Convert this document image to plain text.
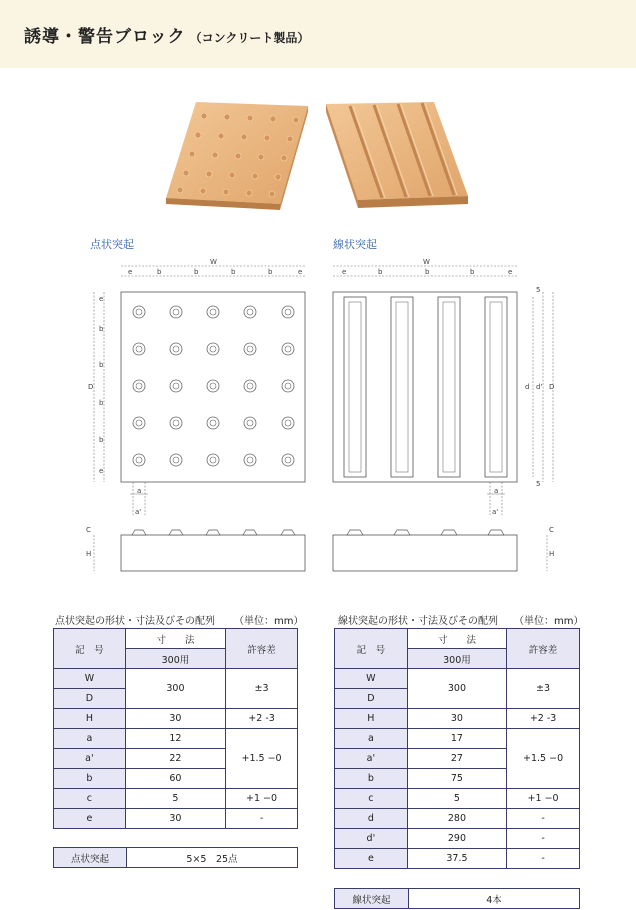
誘導・警告ブロック （コンクリート製品）
点状突起	線状突起
W
e	b	b	b	b	e
D
e
b
b
b
b
e
a
a'
H
C
W
e	b	b	b	e
d d' D
5
5
a
a'
H
C
点状突起の形状・寸法及びその配列 （単位：mm）
記　号	寸　　法	許容差
	300用	
W	300	±3
D		
H	30	+2 -3
a	12	+1.5 −0
a'	22	
b	60	
c	5	+1 −0
e	30	-
点状突起	5×5　25点
線状突起の形状・寸法及びその配列 （単位：mm）
記　号	寸　　法	許容差
	300用	
W	300	±3
D		
H	30	+2 -3
a	17	+1.5 −0
a'	27	
b	75	
c	5	+1 −0
d	280	-
d'	290	-
e	37.5	-
線状突起	4本
